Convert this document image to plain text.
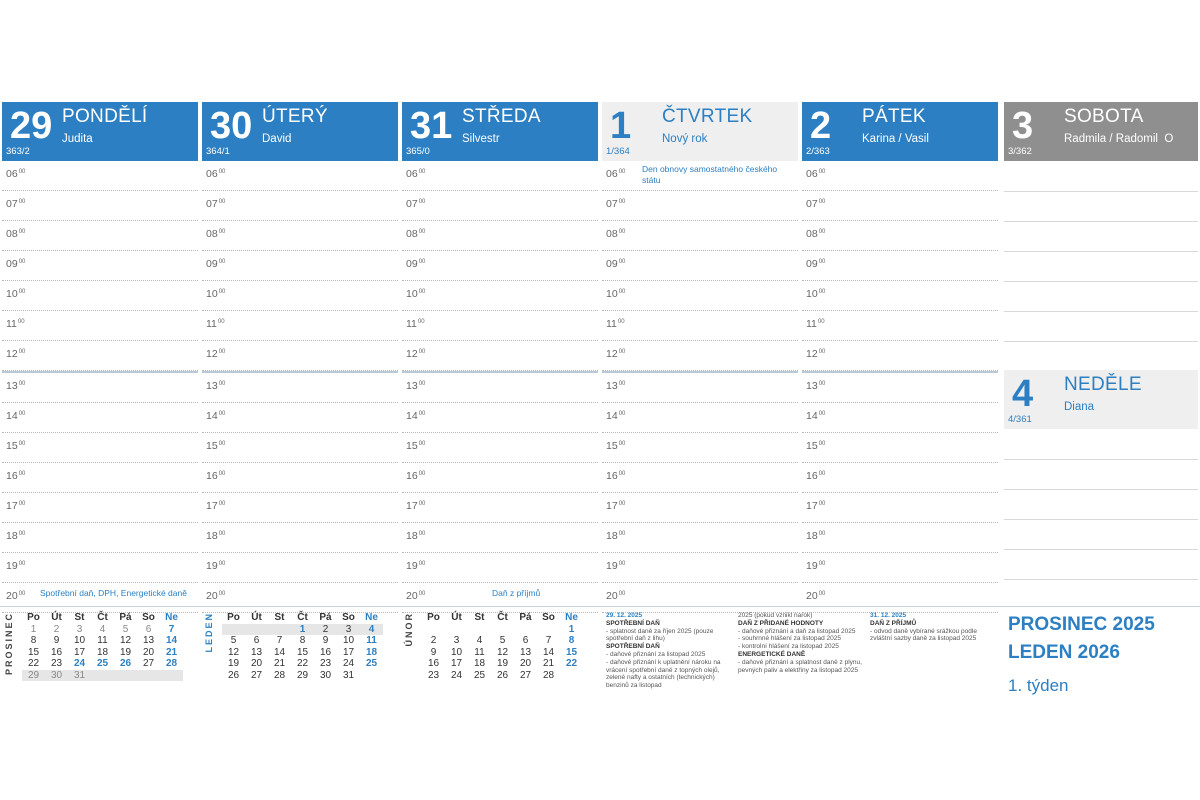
29 PONDĚLÍ
Judita
363/2
$06^{00}$
$07^{00}$
$08^{00}$
$09^{00}$
$10^{00}$
$11^{00}$
$12^{00}$
$13^{00}$
$14^{00}$
$15^{00}$
$16^{00}$
$17^{00}$
$18^{00}$
$19^{00}$
$20^{00}$
30 ÚTERÝ
David
364/1
$06^{00}$
$07^{00}$
$08^{00}$
$09^{00}$
$10^{00}$
$11^{00}$
$12^{00}$
$13^{00}$
$14^{00}$
$15^{00}$
$16^{00}$
$17^{00}$
$18^{00}$
$19^{00}$
$20^{00}$
31 STŘEDA
Silvestr
365/0
$06^{00}$
$07^{00}$
$08^{00}$
$09^{00}$
$10^{00}$
$11^{00}$
$12^{00}$
$13^{00}$
$14^{00}$
$15^{00}$
$16^{00}$
$17^{00}$
$18^{00}$
$19^{00}$
$20^{00}$
1 ČTVRTEK
Nový rok
1/364
$06^{00}$
$07^{00}$
$08^{00}$
$09^{00}$
$10^{00}$
$11^{00}$
$12^{00}$
$13^{00}$
$14^{00}$
$15^{00}$
$16^{00}$
$17^{00}$
$18^{00}$
$19^{00}$
$20^{00}$
2 PÁTEK
Karina / Vasil
2/363
$06^{00}$
$07^{00}$
$08^{00}$
$09^{00}$
$10^{00}$
$11^{00}$
$12^{00}$
$13^{00}$
$14^{00}$
$15^{00}$
$16^{00}$
$17^{00}$
$18^{00}$
$19^{00}$
$20^{00}$
3 SOBOTA
Radmila / Radomil O
3/362
4 NEDĚLE
Diana
4/361
Den obnovy samostatného českého státu
Spotřební daň, DPH, Energetické daně	Daň z příjmů
PROSINEC Po	Út	St	Čt	Pá	So	Ne
1	2	3	4	5	6	7
8	9	10	11	12	13	14
15	16	17	18	19	20	21
22	23	24	25	26	27	28
29	30	31				
LEDEN Po	Út	St	Čt	Pá	So	Ne
			1	2	3	4
5	6	7	8	9	10	11
12	13	14	15	16	17	18
19	20	21	22	23	24	25
26	27	28	29	30	31	
ÚNOR Po	Út	St	Čt	Pá	So	Ne
						1
2	3	4	5	6	7	8
9	10	11	12	13	14	15
16	17	18	19	20	21	22
23	24	25	26	27	28	
29. 12. 2025
SPOTŘEBNÍ DAŇ
- splatnost daně za říjen 2025 (pouze spotřební daň z lihu)
SPOTŘEBNÍ DAŇ
- daňové přiznání za listopad 2025
- daňové přiznání k uplatnění nároku na vrácení spotřební daně z topných olejů, zelené nafty a ostatních (technických) benzinů za listopad
2025 (pokud vznikl nárok)
DAŇ Z PŘIDANÉ HODNOTY
- daňové přiznání a daň za listopad 2025
- souhrnné hlášení za listopad 2025
- kontrolní hlášení za listopad 2025
ENERGETICKÉ DANĚ
- daňové přiznání a splatnost daně z plynu, pevných paliv a elektřiny za listopad 2025
31. 12. 2025
DAŇ Z PŘÍJMŮ
- odvod daně vybírané srážkou podle zvláštní sazby daně za listopad 2025
PROSINEC 2025
LEDEN 2026
1. týden
